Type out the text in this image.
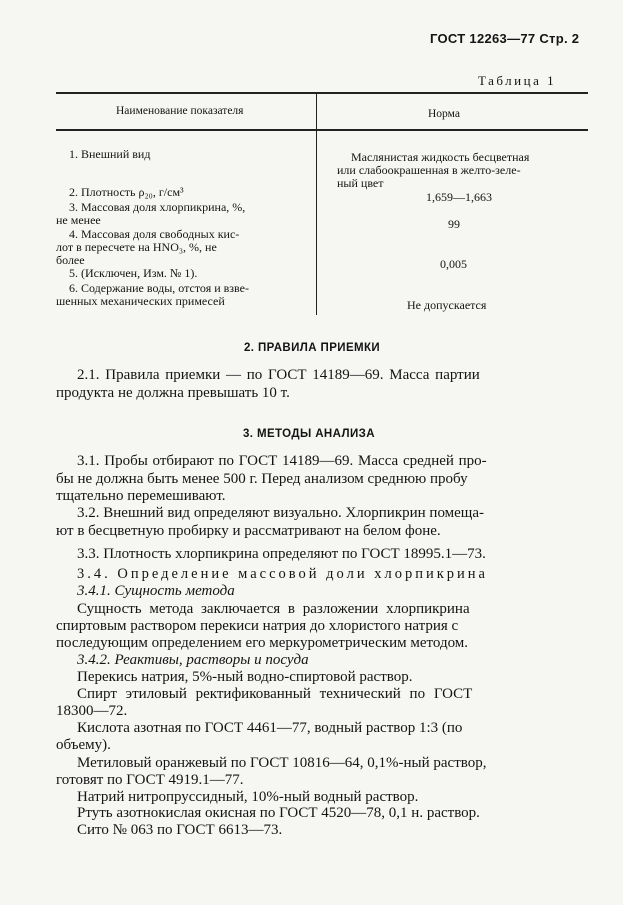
ГОСТ 12263—77 Стр. 2
Таблица 1
Наименование показателя	Норма
1. Внешний вид	Маслянистая жидкость бесцветная
или слабоокрашенная в желто-зеле-
ный цвет
2. Плотность ρ₂₀, г/см³	1,659—1,663
3. Массовая доля хлорпикрина, %,
не менее	99
4. Массовая доля свободных кис-
лот в пересчете на HNO₃, %, не
более	0,005
5. (Исключен, Изм. № 1).
6. Содержание воды, отстоя и взве-
шенных механических примесей	Не допускается
2. ПРАВИЛА ПРИЕМКИ
2.1. Правила приемки — по ГОСТ 14189—69. Масса партии
продукта не должна превышать 10 т.
3. МЕТОДЫ АНАЛИЗА
3.1. Пробы отбирают по ГОСТ 14189—69. Масса средней про-
бы не должна быть менее 500 г. Перед анализом среднюю пробу
тщательно перемешивают.
3.2. Внешний вид определяют визуально. Хлорпикрин помеща-
ют в бесцветную пробирку и рассматривают на белом фоне.
3.3. Плотность хлорпикрина определяют по ГОСТ 18995.1—73.
3.4. Определение массовой доли хлорпикрина
3.4.1. Сущность метода
Сущность метода заключается в разложении хлорпикрина
спиртовым раствором перекиси натрия до хлористого натрия с
последующим определением его меркурометрическим методом.
3.4.2. Реактивы, растворы и посуда
Перекись натрия, 5%-ный водно-спиртовой раствор.
Спирт этиловый ректификованный технический по ГОСТ
18300—72.
Кислота азотная по ГОСТ 4461—77, водный раствор 1:3 (по
объему).
Метиловый оранжевый по ГОСТ 10816—64, 0,1%-ный раствор,
готовят по ГОСТ 4919.1—77.
Натрий нитропруссидный, 10%-ный водный раствор.
Ртуть азотнокислая окисная по ГОСТ 4520—78, 0,1 н. раствор.
Сито № 063 по ГОСТ 6613—73.
